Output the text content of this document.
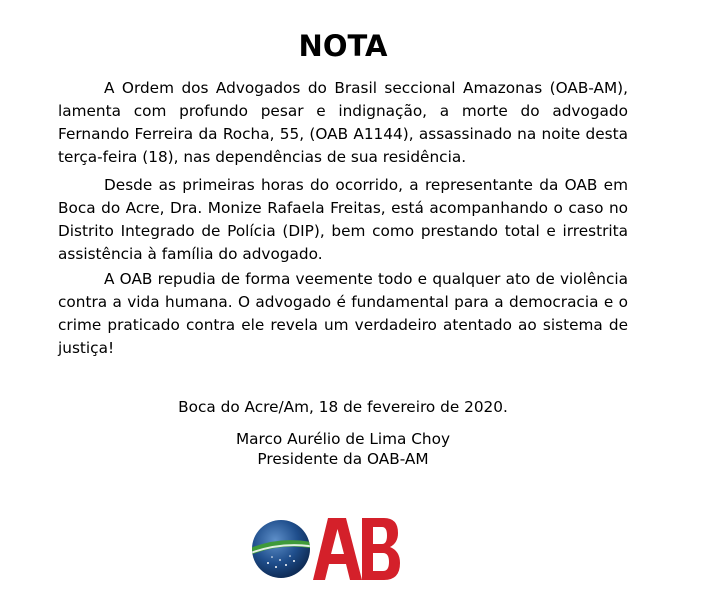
NOTA

A Ordem dos Advogados do Brasil seccional Amazonas (OAB-AM), lamenta com profundo pesar e indignação, a morte do advogado Fernando Ferreira da Rocha, 55, (OAB A1144), assassinado na noite desta terça-feira (18), nas dependências de sua residência.

Desde as primeiras horas do ocorrido, a representante da OAB em Boca do Acre, Dra. Monize Rafaela Freitas, está acompanhando o caso no Distrito Integrado de Polícia (DIP), bem como prestando total e irrestrita assistência à família do advogado.

A OAB repudia de forma veemente todo e qualquer ato de violência contra a vida humana. O advogado é fundamental para a democracia e o crime praticado contra ele revela um verdadeiro atentado ao sistema de justiça!

Boca do Acre/Am, 18 de fevereiro de 2020.
Marco Aurélio de Lima Choy
Presidente da OAB-AM
